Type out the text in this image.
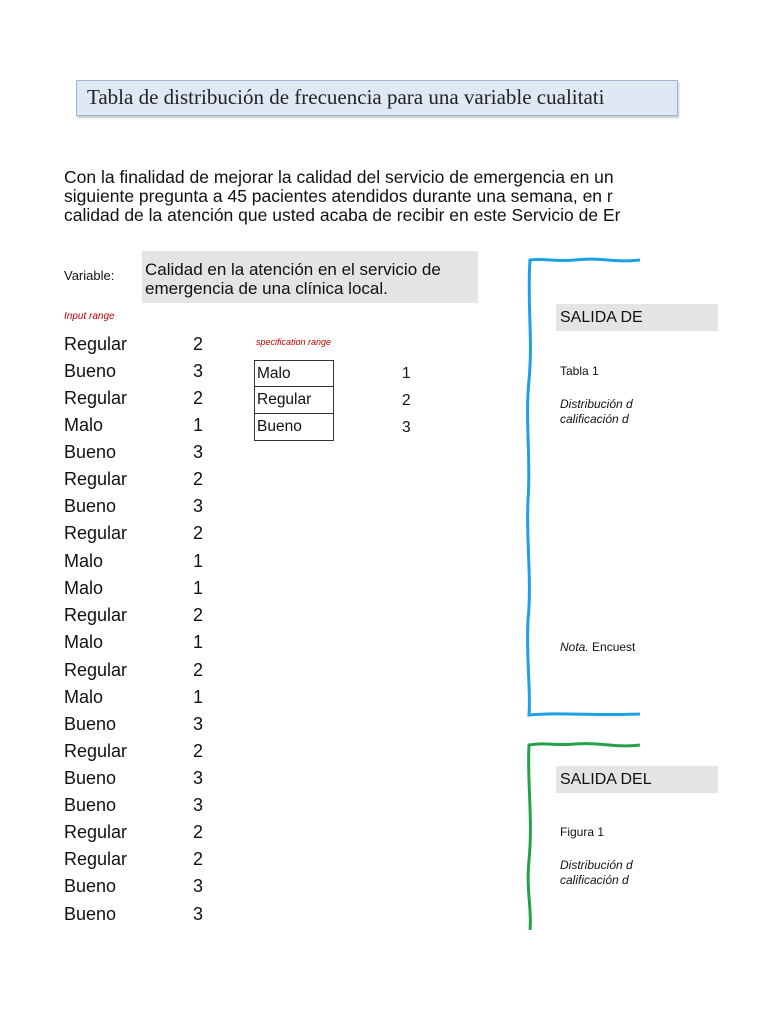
Tabla de distribución de frecuencia para una variable cualitati
Con la finalidad de mejorar la calidad del servicio de emergencia en un
siguiente pregunta a 45 pacientes atendidos durante una semana, en r
calidad de la atención que usted acaba de recibir en este Servicio de Er
Variable: Calidad en la atención en el servicio de emergencia de una clínica local.
Input range
specification range
Regular	2
Bueno	3
Regular	2
Malo	1
Bueno	3
Regular	2
Bueno	3
Regular	2
Malo	1
Malo	1
Regular	2
Malo	1
Regular	2
Malo	1
Bueno	3
Regular	2
Bueno	3
Bueno	3
Regular	2
Regular	2
Bueno	3
Bueno	3
Malo	1
Regular	2
Bueno	3
SALIDA DE
Tabla 1
Distribución d
calificación d
Nota. Encuest
SALIDA DEL
Figura 1
Distribución d
calificación d
